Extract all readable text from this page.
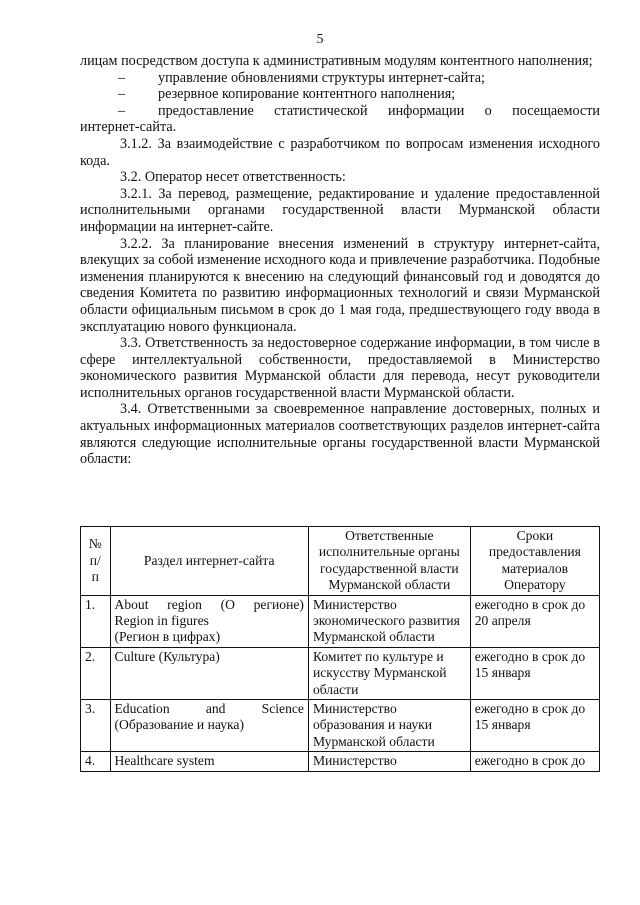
5

лицам посредством доступа к административным модулям контентного наполнения;

–	управление обновлениями структуры интернет-сайта;
–	резервное копирование контентного наполнения;
–	предоставление статистической информации о посещаемости

интернет-сайта.

3.1.2. За взаимодействие с разработчиком по вопросам изменения исходного кода.

3.2. Оператор несет ответственность:

3.2.1. За перевод, размещение, редактирование и удаление предоставленной исполнительными органами государственной власти Мурманской области информации на интернет-сайте.

3.2.2. За планирование внесения изменений в структуру интернет-сайта, влекущих за собой изменение исходного кода и привлечение разработчика. Подобные изменения планируются к внесению на следующий финансовый год и доводятся до сведения Комитета по развитию информационных технологий и связи Мурманской области официальным письмом в срок до 1 мая года, предшествующего году ввода в эксплуатацию нового функционала.

3.3. Ответственность за недостоверное содержание информации, в том числе в сфере интеллектуальной собственности, предоставляемой в Министерство экономического развития Мурманской области для перевода, несут руководители исполнительных органов государственной власти Мурманской области.

3.4. Ответственными за своевременное направление достоверных, полных и актуальных информационных материалов соответствующих разделов интернет-сайта являются следующие исполнительные органы государственной власти Мурманской области:

№ п/ п	Раздел интернет-сайта	Ответственные исполнительные органы государственной власти Мурманской области	Сроки предоставления материалов Оператору
1.	About region (О регионе)
Region in figures
(Регион в цифрах)	Министерство экономического развития Мурманской области	ежегодно в срок до 20 апреля
2.	Culture (Культура)	Комитет по культуре и искусству Мурманской области	ежегодно в срок до 15 января
3.	Education and Science
(Образование и наука)	Министерство образования и науки Мурманской области	ежегодно в срок до 15 января
4.	Healthcare system	Министерство	ежегодно в срок до
